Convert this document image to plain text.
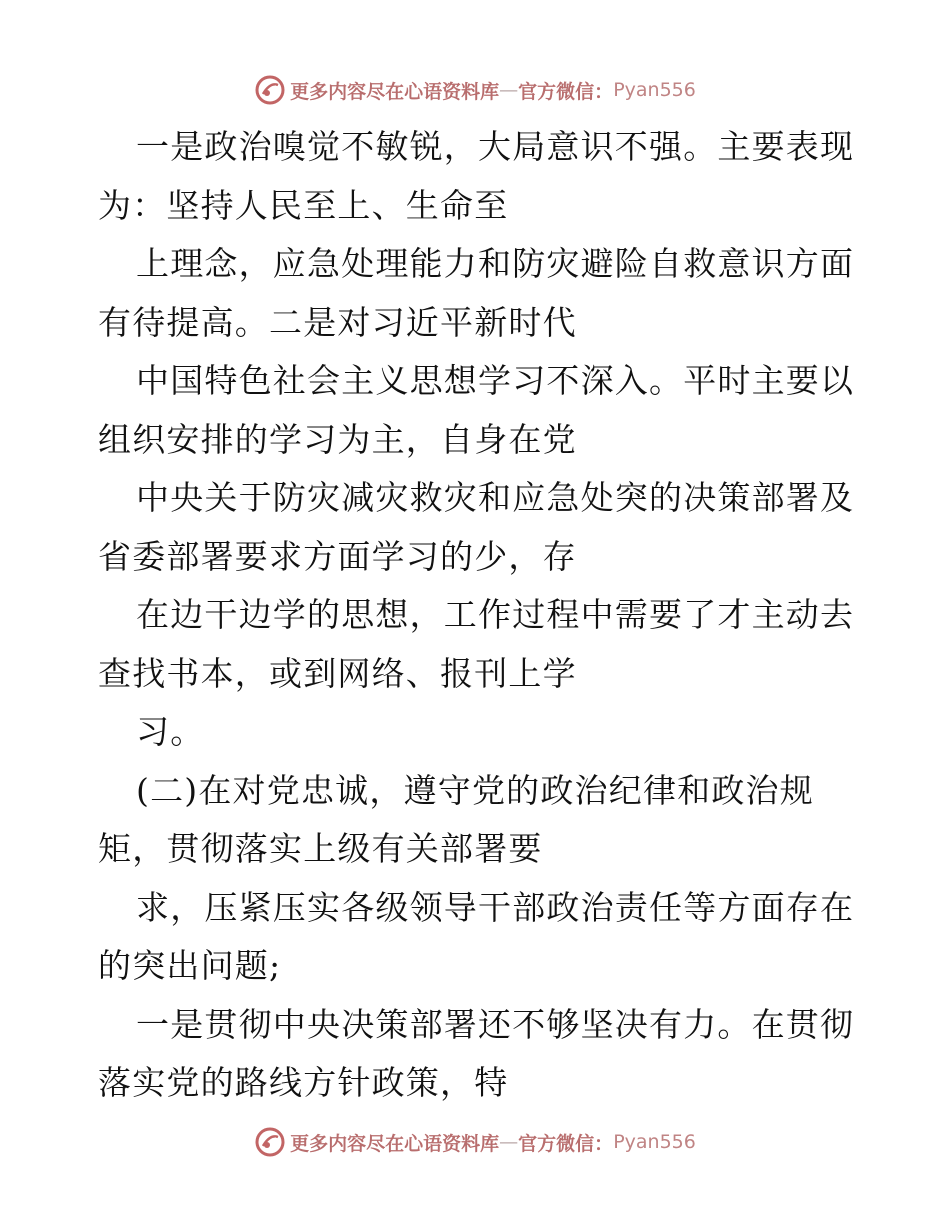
更多内容尽在心语资料库 — 官方微信： Pyan556
一是政治嗅觉不敏锐，大局意识不强。主要表现
为：坚持人民至上、生命至
上理念，应急处理能力和防灾避险自救意识方面
有待提高。二是对习近平新时代
中国特色社会主义思想学习不深入。平时主要以
组织安排的学习为主，自身在党
中央关于防灾减灾救灾和应急处突的决策部署及
省委部署要求方面学习的少，存
在边干边学的思想，工作过程中需要了才主动去
查找书本，或到网络、报刊上学
习。
(二)在对党忠诚，遵守党的政治纪律和政治规
矩，贯彻落实上级有关部署要
求，压紧压实各级领导干部政治责任等方面存在
的突出问题;
一是贯彻中央决策部署还不够坚决有力。在贯彻
落实党的路线方针政策，特
更多内容尽在心语资料库 — 官方微信： Pyan556
